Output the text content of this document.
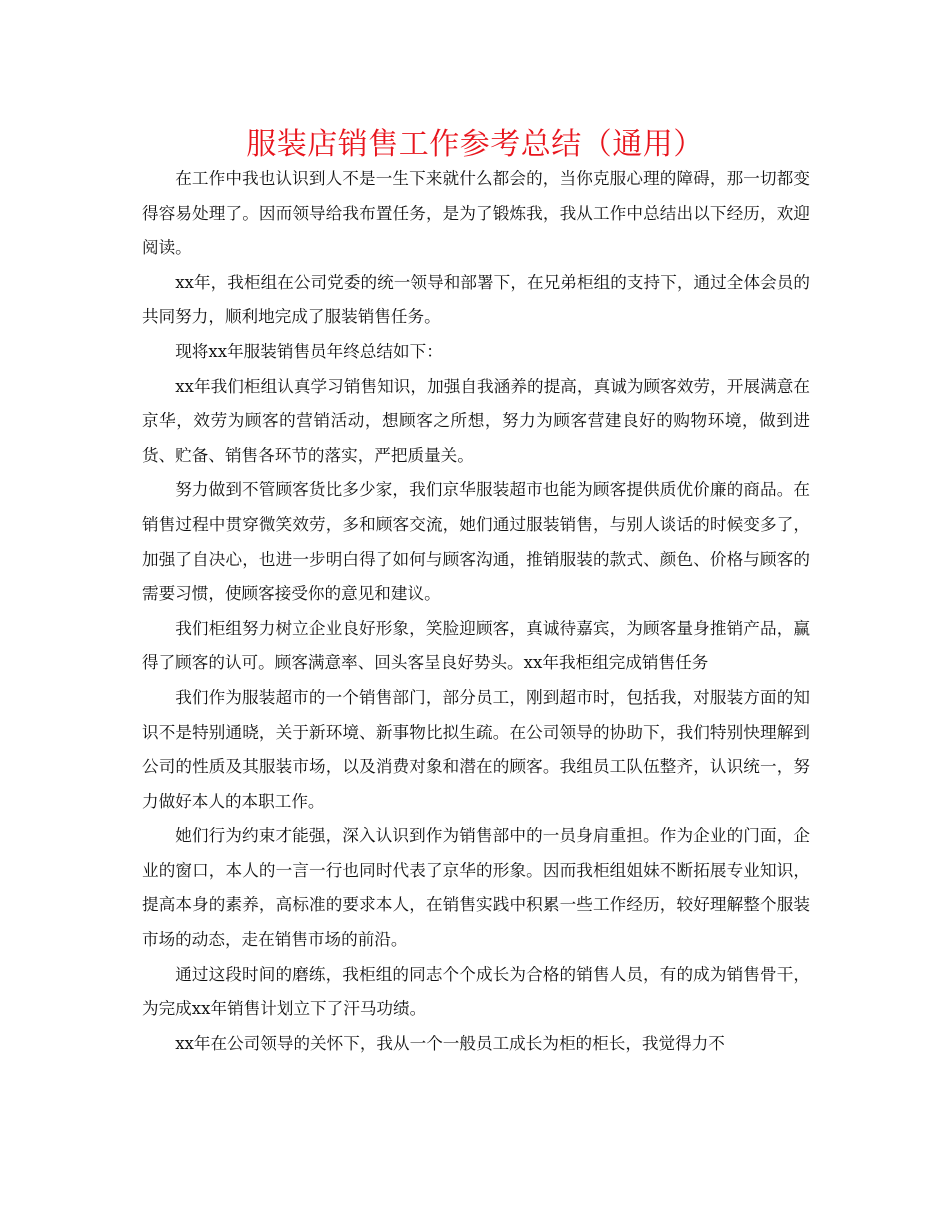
服装店销售工作参考总结（通用）

在工作中我也认识到人不是一生下来就什么都会的，当你克服心理的障碍，那一切都变得容易处理了。因而领导给我布置任务，是为了锻炼我，我从工作中总结出以下经历，欢迎阅读。

xx年，我柜组在公司党委的统一领导和部署下，在兄弟柜组的支持下，通过全体会员的共同努力，顺利地完成了服装销售任务。

现将xx年服装销售员年终总结如下：

xx年我们柜组认真学习销售知识，加强自我涵养的提高，真诚为顾客效劳，开展满意在京华，效劳为顾客的营销活动，想顾客之所想，努力为顾客营建良好的购物环境，做到进货、贮备、销售各环节的落实，严把质量关。

努力做到不管顾客货比多少家，我们京华服装超市也能为顾客提供质优价廉的商品。在销售过程中贯穿微笑效劳，多和顾客交流，她们通过服装销售，与别人谈话的时候变多了，加强了自决心，也进一步明白得了如何与顾客沟通，推销服装的款式、颜色、价格与顾客的需要习惯，使顾客接受你的意见和建议。

我们柜组努力树立企业良好形象，笑脸迎顾客，真诚待嘉宾，为顾客量身推销产品，赢得了顾客的认可。顾客满意率、回头客呈良好势头。xx年我柜组完成销售任务

我们作为服装超市的一个销售部门，部分员工，刚到超市时，包括我，对服装方面的知识不是特别通晓，关于新环境、新事物比拟生疏。在公司领导的协助下，我们特别快理解到公司的性质及其服装市场，以及消费对象和潜在的顾客。我组员工队伍整齐，认识统一，努力做好本人的本职工作。

她们行为约束才能强，深入认识到作为销售部中的一员身肩重担。作为企业的门面，企业的窗口，本人的一言一行也同时代表了京华的形象。因而我柜组姐妹不断拓展专业知识，提高本身的素养，高标准的要求本人，在销售实践中积累一些工作经历，较好理解整个服装市场的动态，走在销售市场的前沿。

通过这段时间的磨练，我柜组的同志个个成长为合格的销售人员，有的成为销售骨干，为完成xx年销售计划立下了汗马功绩。

xx年在公司领导的关怀下，我从一个一般员工成长为柜的柜长，我觉得力不
